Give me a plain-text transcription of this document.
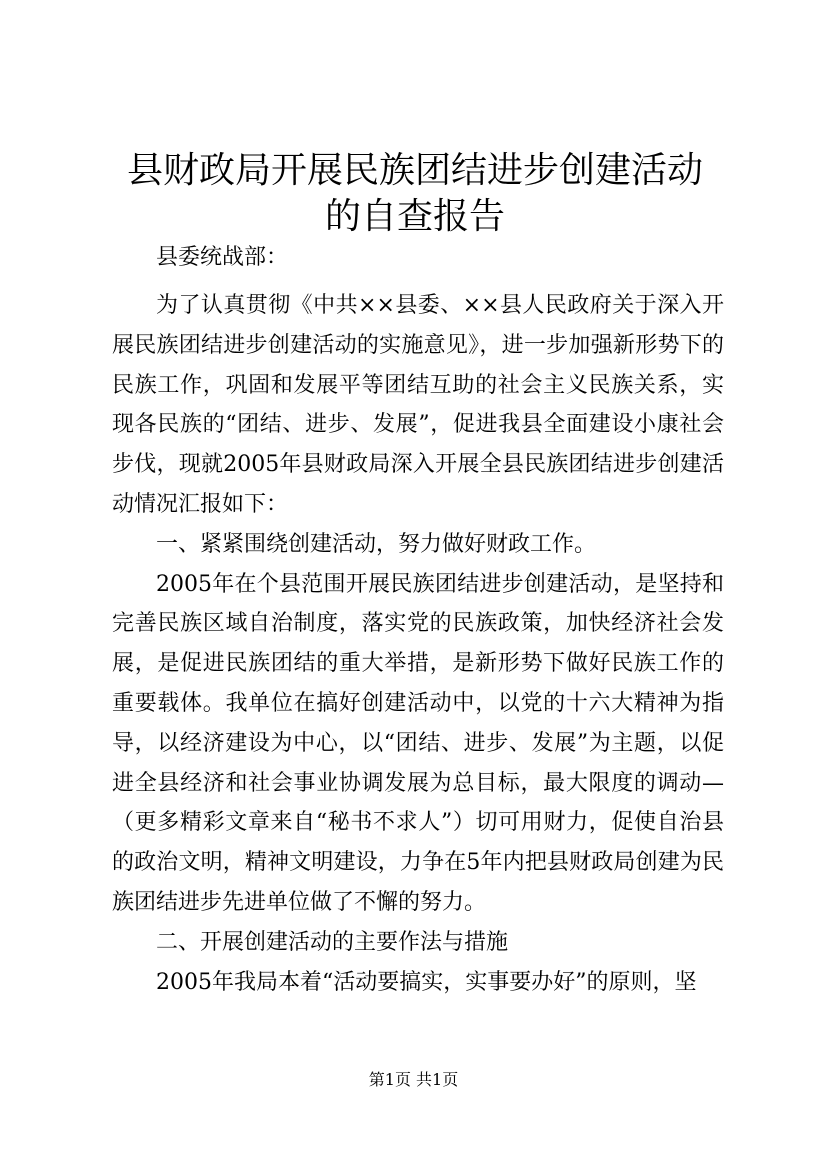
县财政局开展民族团结进步创建活动的自查报告

县委统战部：

为了认真贯彻《中共××县委、××县人民政府关于深入开展民族团结进步创建活动的实施意见》，进一步加强新形势下的民族工作，巩固和发展平等团结互助的社会主义民族关系，实现各民族的“团结、进步、发展”，促进我县全面建设小康社会步伐，现就2005年县财政局深入开展全县民族团结进步创建活动情况汇报如下：

一、紧紧围绕创建活动，努力做好财政工作。

2005年在个县范围开展民族团结进步创建活动，是坚持和完善民族区域自治制度，落实党的民族政策，加快经济社会发展，是促进民族团结的重大举措，是新形势下做好民族工作的重要载体。我单位在搞好创建活动中，以党的十六大精神为指导，以经济建设为中心，以“团结、进步、发展”为主题，以促进全县经济和社会事业协调发展为总目标，最大限度的调动—（更多精彩文章来自“秘书不求人”）切可用财力，促使自治县的政治文明，精神文明建设，力争在5年内把县财政局创建为民族团结进步先进单位做了不懈的努力。

二、开展创建活动的主要作法与措施

2005年我局本着“活动要搞实，实事要办好”的原则，坚

第1页 共1页
